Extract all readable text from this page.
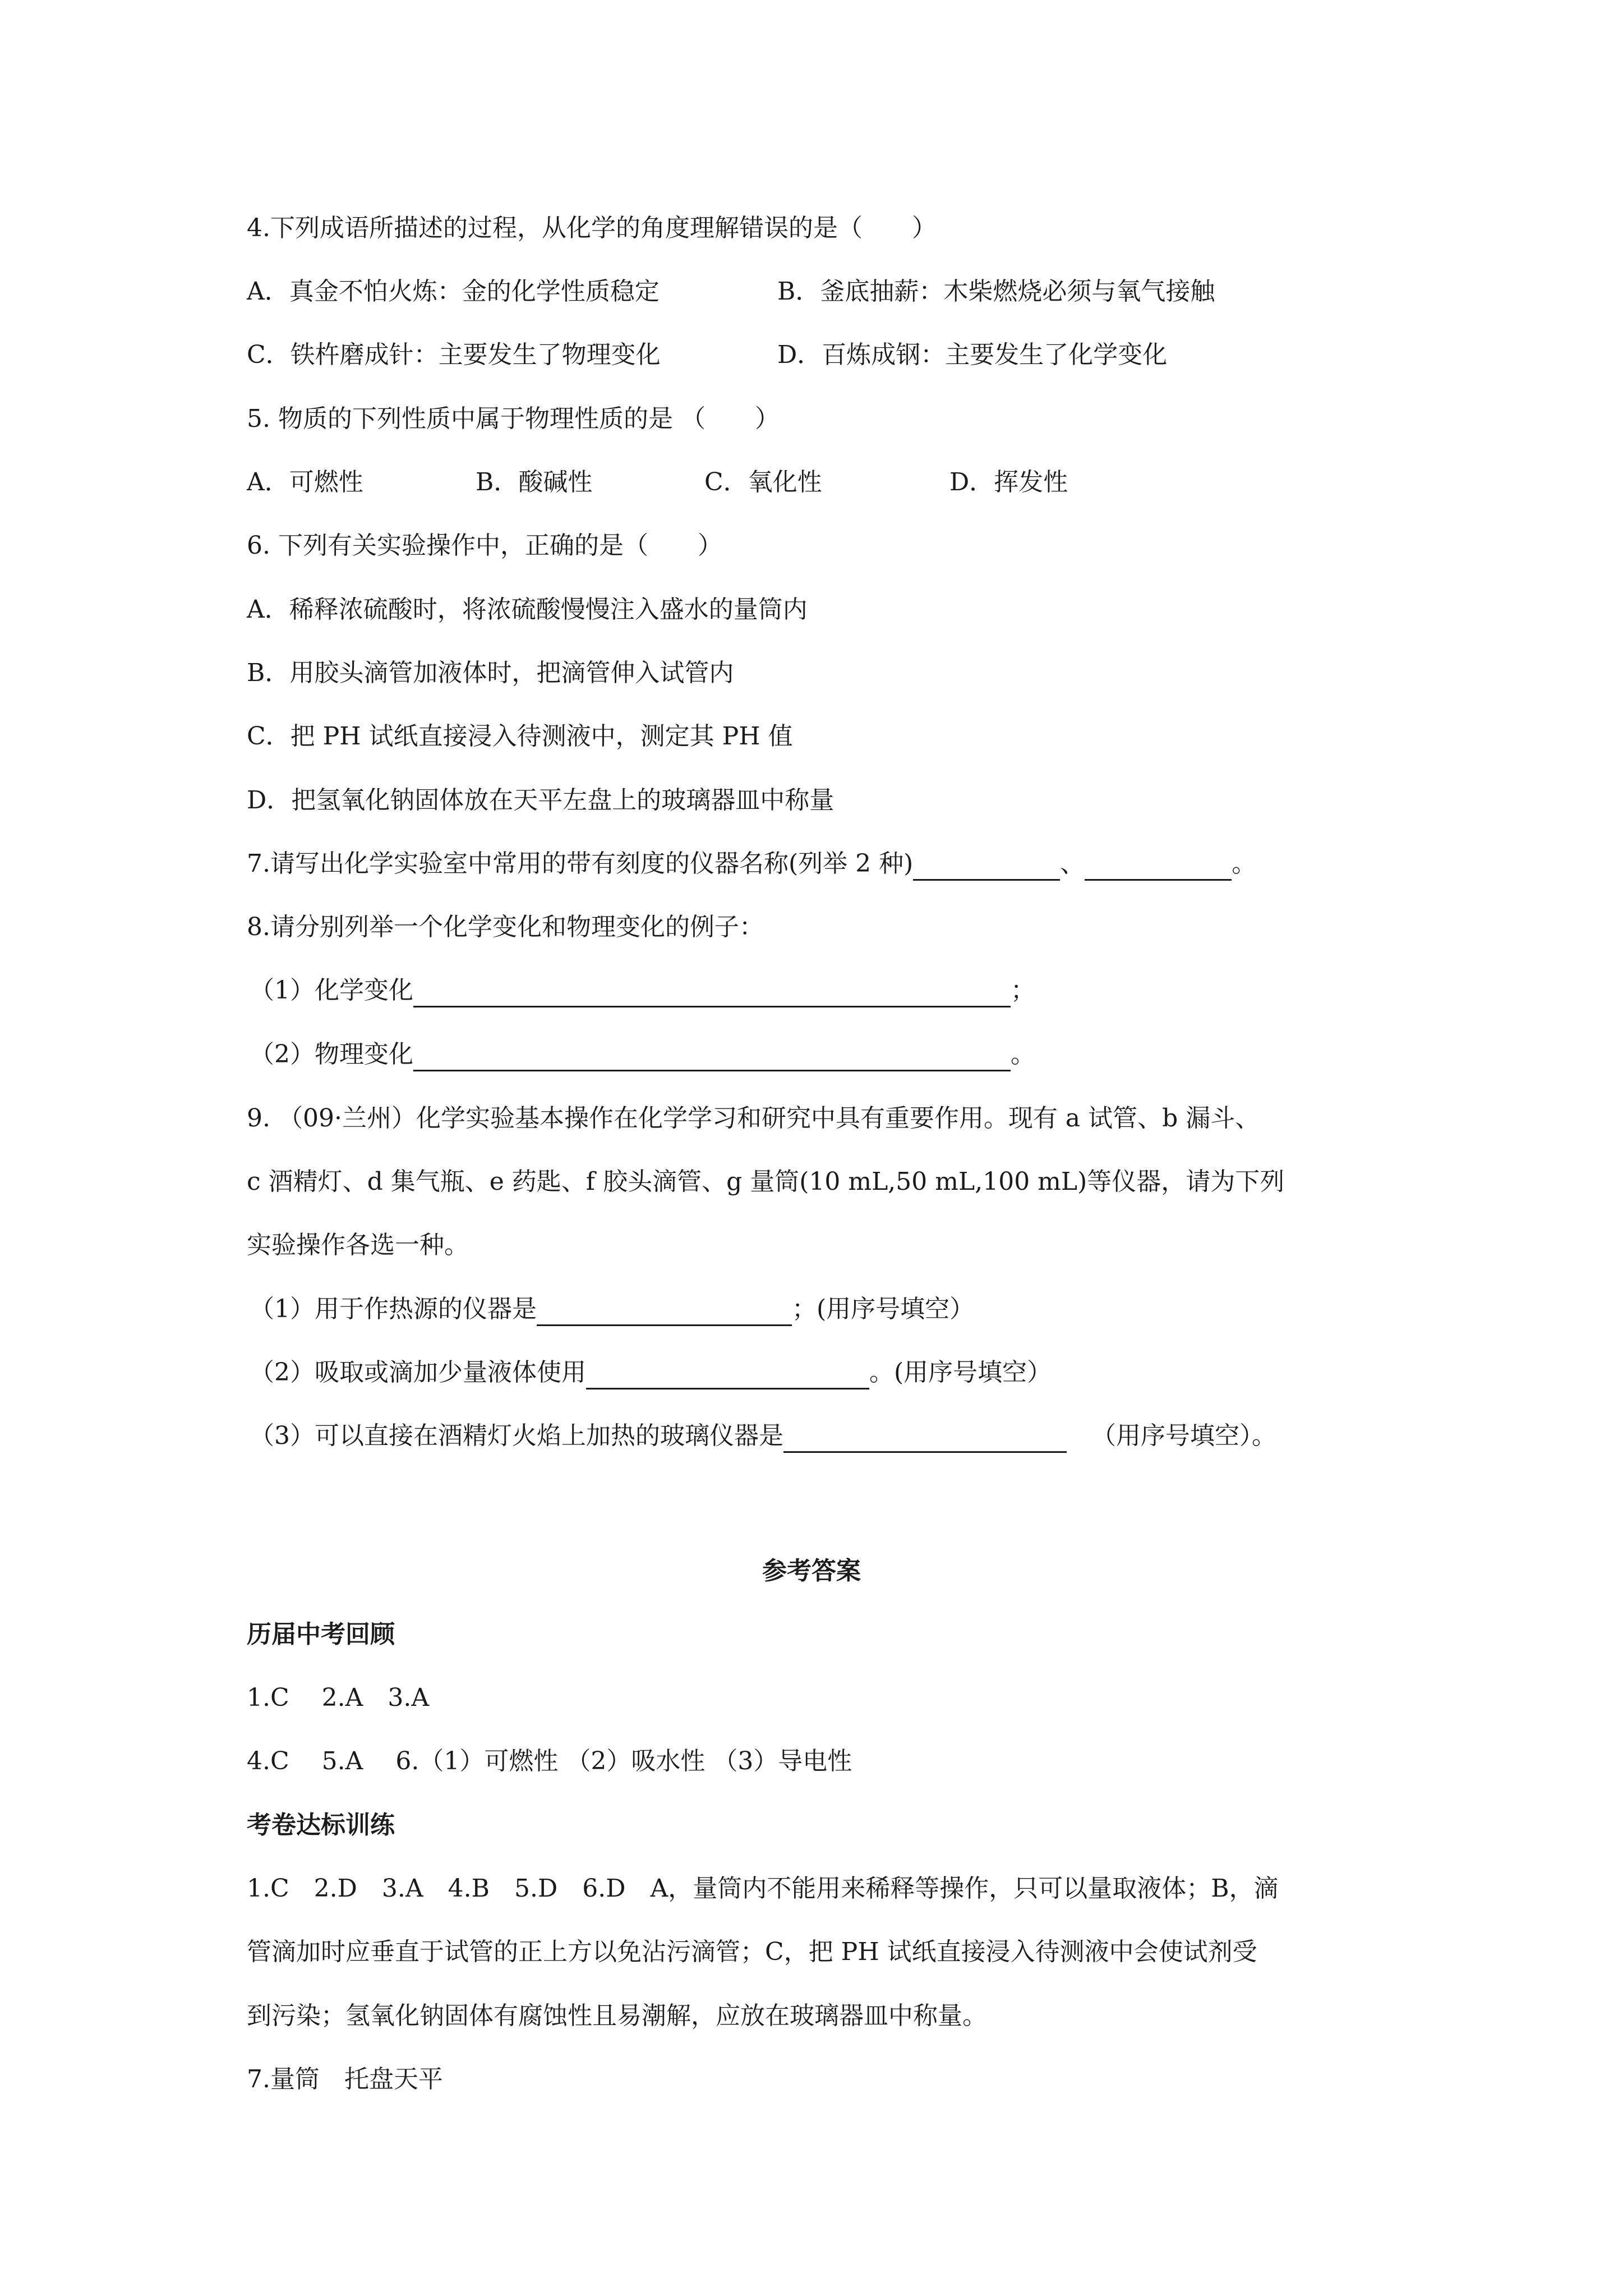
4.下列成语所描述的过程，从化学的角度理解错误的是（　　）
A．真金不怕火炼：金的化学性质稳定	B．釜底抽薪：木柴燃烧必须与氧气接触
C．铁杵磨成针：主要发生了物理变化	D．百炼成钢：主要发生了化学变化
5. 物质的下列性质中属于物理性质的是 （　　）
A．可燃性	B．酸碱性	C．氧化性	D．挥发性
6. 下列有关实验操作中，正确的是（　　）
A．稀释浓硫酸时，将浓硫酸慢慢注入盛水的量筒内
B．用胶头滴管加液体时，把滴管伸入试管内
C．把 PH 试纸直接浸入待测液中，测定其 PH 值
D．把氢氧化钠固体放在天平左盘上的玻璃器皿中称量
7.请写出化学实验室中常用的带有刻度的仪器名称(列举 2 种)	、	。
8.请分别列举一个化学变化和物理变化的例子：
（1）化学变化	；
（2）物理变化	。
9. （09·兰州）化学实验基本操作在化学学习和研究中具有重要作用。现有 a 试管、b 漏斗、
c 酒精灯、d 集气瓶、e 药匙、f 胶头滴管、g 量筒(10 mL,50 mL,100 mL)等仪器，请为下列
实验操作各选一种。
（1）用于作热源的仪器是	；(用序号填空）
（2）吸取或滴加少量液体使用	。(用序号填空）
（3）可以直接在酒精灯火焰上加热的玻璃仪器是	（用序号填空）。
参考答案
历届中考回顾
1.C　 2.A　3.A
4.C　 5.A　 6.（1）可燃性 （2）吸水性 （3）导电性
考卷达标训练
1.C　2.D　3.A　4.B　5.D　6.D　A，量筒内不能用来稀释等操作，只可以量取液体；B，滴
管滴加时应垂直于试管的正上方以免沾污滴管；C，把 PH 试纸直接浸入待测液中会使试剂受
到污染；氢氧化钠固体有腐蚀性且易潮解，应放在玻璃器皿中称量。
7.量筒　托盘天平
